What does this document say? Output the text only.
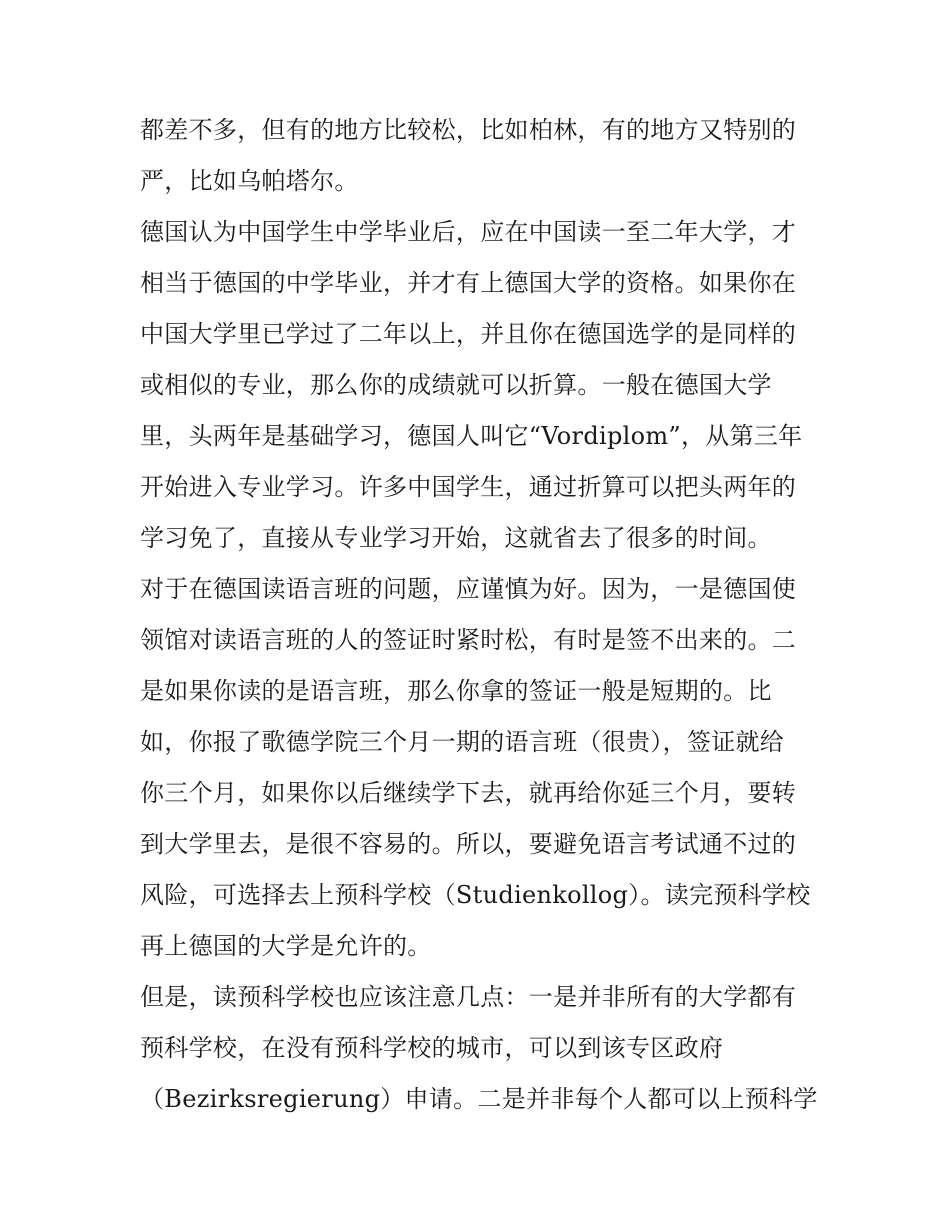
都差不多，但有的地方比较松，比如柏林，有的地方又特别的
严，比如乌帕塔尔。
德国认为中国学生中学毕业后，应在中国读一至二年大学，才
相当于德国的中学毕业，并才有上德国大学的资格。如果你在
中国大学里已学过了二年以上，并且你在德国选学的是同样的
或相似的专业，那么你的成绩就可以折算。一般在德国大学
里，头两年是基础学习，德国人叫它“Vordiplom”，从第三年
开始进入专业学习。许多中国学生，通过折算可以把头两年的
学习免了，直接从专业学习开始，这就省去了很多的时间。
对于在德国读语言班的问题，应谨慎为好。因为，一是德国使
领馆对读语言班的人的签证时紧时松，有时是签不出来的。二
是如果你读的是语言班，那么你拿的签证一般是短期的。比
如，你报了歌德学院三个月一期的语言班（很贵），签证就给
你三个月，如果你以后继续学下去，就再给你延三个月，要转
到大学里去，是很不容易的。所以，要避免语言考试通不过的
风险，可选择去上预科学校（Studienkollog）。读完预科学校
再上德国的大学是允许的。
但是，读预科学校也应该注意几点：一是并非所有的大学都有
预科学校，在没有预科学校的城市，可以到该专区政府
（Bezirksregierung）申请。二是并非每个人都可以上预科学
